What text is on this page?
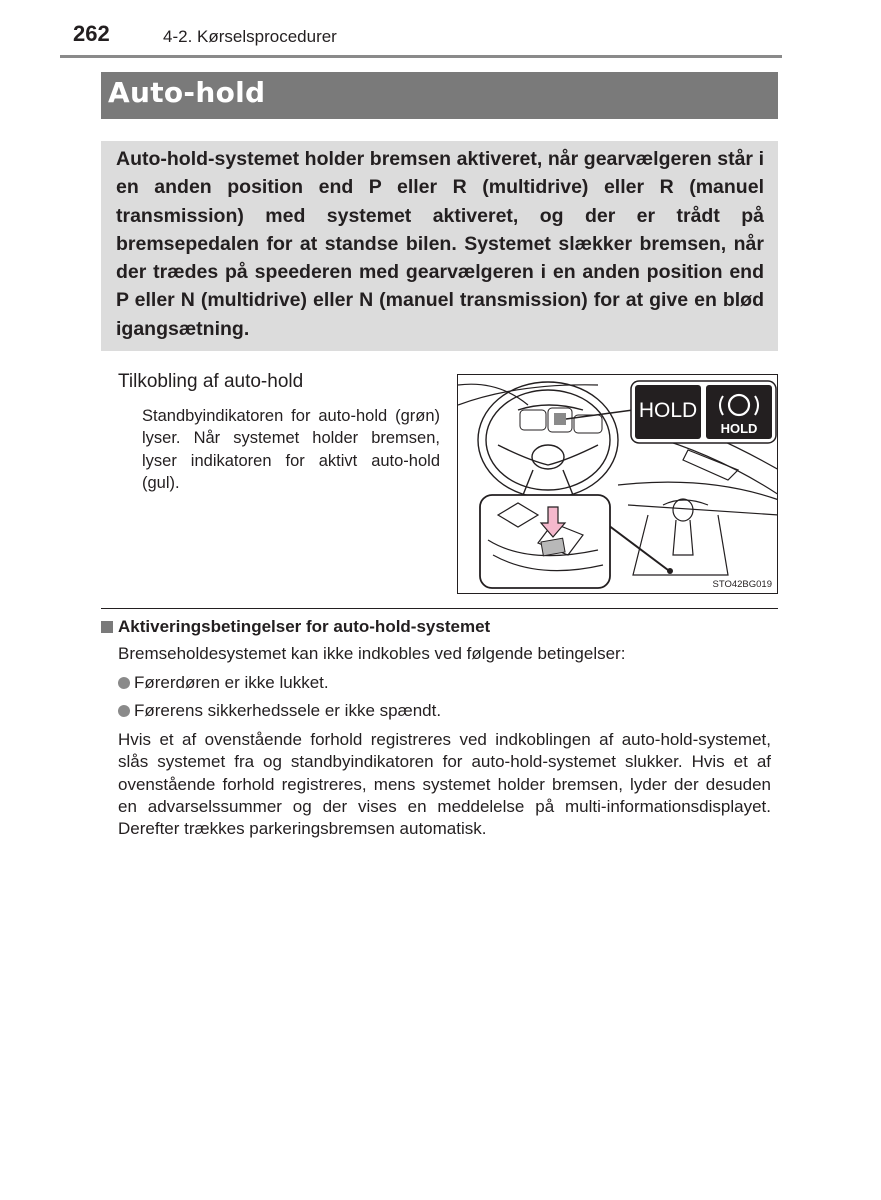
262	4-2. Kørselsprocedurer
Auto-hold
Auto-hold-systemet holder bremsen aktiveret, når gearvælgeren står i en anden position end P eller R (multidrive) eller R (manuel transmission) med systemet aktiveret, og der er trådt på bremsepedalen for at standse bilen. Systemet slækker bremsen, når der trædes på speederen med gearvælgeren i en anden position end P eller N (multidrive) eller N (manuel transmission) for at give en blød igangsætning.
Tilkobling af auto-hold
Standbyindikatoren for auto-hold (grøn) lyser. Når systemet holder bremsen, lyser indikatoren for aktivt auto-hold (gul).
HOLD
HOLD
STO42BG019
Aktiveringsbetingelser for auto-hold-systemet
Bremseholdesystemet kan ikke indkobles ved følgende betingelser:
Førerdøren er ikke lukket.
Førerens sikkerhedssele er ikke spændt.
Hvis et af ovenstående forhold registreres ved indkoblingen af auto-hold-systemet, slås systemet fra og standbyindikatoren for auto-hold-systemet slukker. Hvis et af ovenstående forhold registreres, mens systemet holder bremsen, lyder der desuden en advarselssummer og der vises en meddelelse på multi-informationsdisplayet. Derefter trækkes parkeringsbremsen automatisk.
